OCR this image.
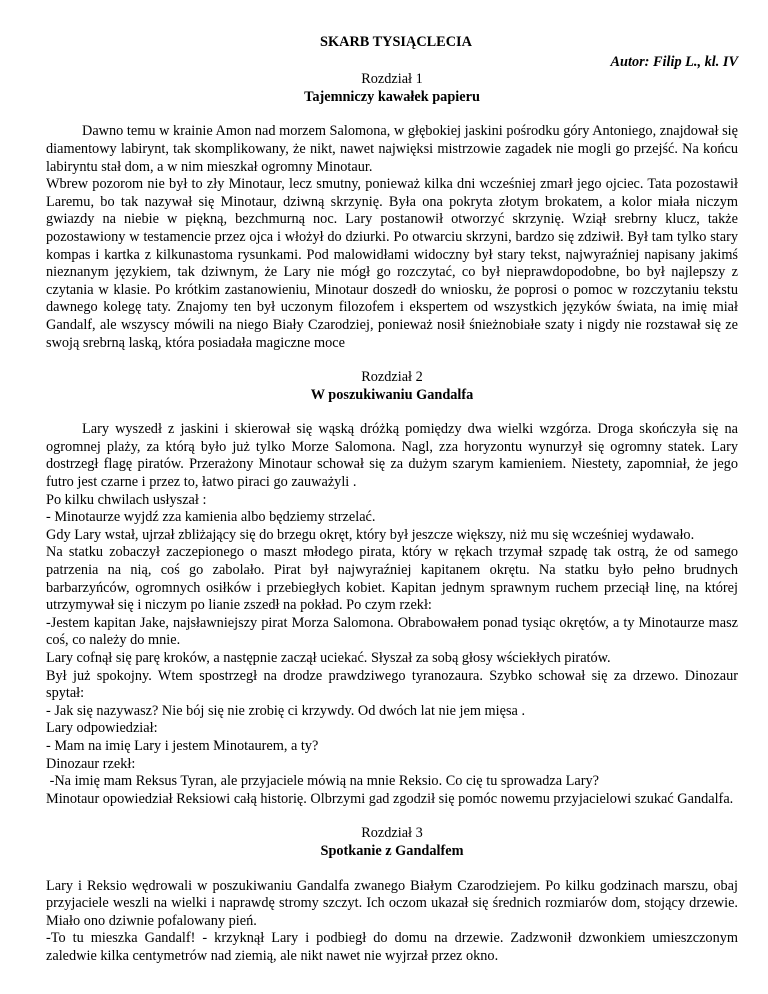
SKARB TYSIĄCLECIA
Autor: Filip L., kl. IV
Rozdział 1
Tajemniczy kawałek papieru

Dawno temu w krainie Amon nad morzem Salomona, w głębokiej jaskini pośrodku góry Antoniego, znajdował się diamentowy labirynt, tak skomplikowany, że nikt, nawet najwięksi mistrzowie zagadek nie mogli go przejść. Na końcu labiryntu stał dom, a w nim mieszkał ogromny Minotaur.

Wbrew pozorom nie był to zły Minotaur, lecz smutny, ponieważ kilka dni wcześniej zmarł jego ojciec. Tata pozostawił Laremu, bo tak nazywał się Minotaur, dziwną skrzynię. Była ona pokryta złotym brokatem, a kolor miała niczym gwiazdy na niebie w piękną, bezchmurną noc. Lary postanowił otworzyć skrzynię. Wziął srebrny klucz, także pozostawiony w testamencie przez ojca i włożył do dziurki. Po otwarciu skrzyni, bardzo się zdziwił. Był tam tylko stary kompas i kartka z kilkunastoma rysunkami. Pod malowidłami widoczny był stary tekst, najwyraźniej napisany jakimś nieznanym językiem, tak dziwnym, że Lary nie mógł go rozczytać, co był nieprawdopodobne, bo był najlepszy z czytania w klasie. Po krótkim zastanowieniu, Minotaur doszedł do wniosku, że poprosi o pomoc w rozczytaniu tekstu dawnego kolegę taty. Znajomy ten był uczonym filozofem i ekspertem od wszystkich języków świata, na imię miał Gandalf, ale wszyscy mówili na niego Biały Czarodziej, ponieważ nosił śnieżnobiałe szaty i nigdy nie rozstawał się ze swoją srebrną laską, która posiadała magiczne moce

Rozdział 2
W poszukiwaniu Gandalfa

Lary wyszedł z jaskini i skierował się wąską dróżką pomiędzy dwa wielki wzgórza. Droga skończyła się na ogromnej plaży, za którą było już tylko Morze Salomona. Nagl, zza horyzontu wynurzył się ogromny statek. Lary dostrzegł flagę piratów. Przerażony Minotaur schował się za dużym szarym kamieniem. Niestety, zapomniał, że jego futro jest czarne i przez to, łatwo piraci go zauważyli .

Po kilku chwilach usłyszał :

- Minotaurze wyjdź zza kamienia albo będziemy strzelać.

Gdy Lary wstał, ujrzał zbliżający się do brzegu okręt, który był jeszcze większy, niż mu się wcześniej wydawało.

Na statku zobaczył zaczepionego o maszt młodego pirata, który w rękach trzymał szpadę tak ostrą, że od samego patrzenia na nią, coś go zabolało. Pirat był najwyraźniej kapitanem okrętu. Na statku było pełno brudnych barbarzyńców, ogromnych osiłków i przebiegłych kobiet. Kapitan jednym sprawnym ruchem przeciął linę, na której utrzymywał się i niczym po lianie zszedł na pokład. Po czym rzekł:

-Jestem kapitan Jake, najsławniejszy pirat Morza Salomona. Obrabowałem ponad tysiąc okrętów, a ty Minotaurze masz coś, co należy do mnie.

Lary cofnął się parę kroków, a następnie zaczął uciekać. Słyszał za sobą głosy wściekłych piratów.

Był już spokojny. Wtem spostrzegł na drodze prawdziwego tyranozaura. Szybko schował się za drzewo. Dinozaur spytał:

- Jak się nazywasz? Nie bój się nie zrobię ci krzywdy. Od dwóch lat nie jem mięsa .

Lary odpowiedział:

- Mam na imię Lary i jestem Minotaurem, a ty?

Dinozaur rzekł:

-Na imię mam Reksus Tyran, ale przyjaciele mówią na mnie Reksio. Co cię tu sprowadza Lary?

Minotaur opowiedział Reksiowi całą historię. Olbrzymi gad zgodził się pomóc nowemu przyjacielowi szukać Gandalfa.

Rozdział 3
Spotkanie z Gandalfem

Lary i Reksio wędrowali w poszukiwaniu Gandalfa zwanego Białym Czarodziejem. Po kilku godzinach marszu, obaj przyjaciele weszli na wielki i naprawdę stromy szczyt. Ich oczom ukazał się średnich rozmiarów dom, stojący drzewie. Miało ono dziwnie pofalowany pień.

-To tu mieszka Gandalf! - krzyknął Lary i podbiegł do domu na drzewie. Zadzwonił dzwonkiem umieszczonym zaledwie kilka centymetrów nad ziemią, ale nikt nawet nie wyjrzał przez okno.
